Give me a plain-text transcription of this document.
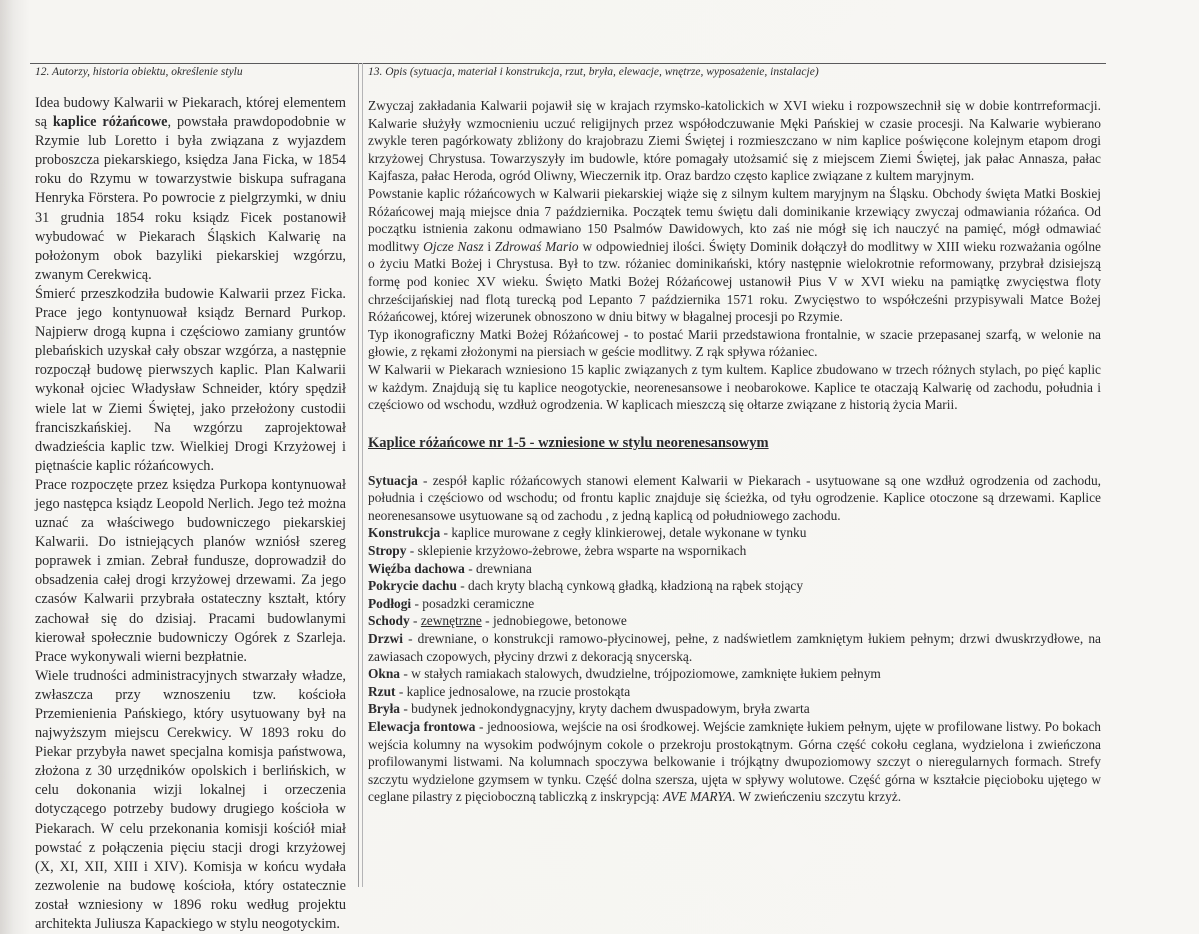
12. Autorzy, historia obiektu, określenie stylu	13. Opis (sytuacja, materiał i konstrukcja, rzut, bryła, elewacje, wnętrze, wyposażenie, instalacje)

Idea budowy Kalwarii w Piekarach, której elementem są kaplice różańcowe, powstała prawdopodobnie w Rzymie lub Loretto i była związana z wyjazdem proboszcza piekarskiego, księdza Jana Ficka, w 1854 roku do Rzymu w towarzystwie biskupa sufragana Henryka Förstera. Po powrocie z pielgrzymki, w dniu 31 grudnia 1854 roku ksiądz Ficek postanowił wybudować w Piekarach Śląskich Kalwarię na położonym obok bazyliki piekarskiej wzgórzu, zwanym Cerekwicą.

Śmierć przeszkodziła budowie Kalwarii przez Ficka. Prace jego kontynuował ksiądz Bernard Purkop. Najpierw drogą kupna i częściowo zamiany gruntów plebańskich uzyskał cały obszar wzgórza, a następnie rozpoczął budowę pierwszych kaplic. Plan Kalwarii wykonał ojciec Władysław Schneider, który spędził wiele lat w Ziemi Świętej, jako przełożony custodii franciszkańskiej. Na wzgórzu zaprojektował dwadzieścia kaplic tzw. Wielkiej Drogi Krzyżowej i piętnaście kaplic różańcowych.

Prace rozpoczęte przez księdza Purkopa kontynuował jego następca ksiądz Leopold Nerlich. Jego też można uznać za właściwego budowniczego piekarskiej Kalwarii. Do istniejących planów wzniósł szereg poprawek i zmian. Zebrał fundusze, doprowadził do obsadzenia całej drogi krzyżowej drzewami. Za jego czasów Kalwarii przybrała ostateczny kształt, który zachował się do dzisiaj. Pracami budowlanymi kierował społecznie budowniczy Ogórek z Szarleja. Prace wykonywali wierni bezpłatnie.

Wiele trudności administracyjnych stwarzały władze, zwłaszcza przy wznoszeniu tzw. kościoła Przemienienia Pańskiego, który usytuowany był na najwyższym miejscu Cerekwicy. W 1893 roku do Piekar przybyła nawet specjalna komisja państwowa, złożona z 30 urzędników opolskich i berlińskich, w celu dokonania wizji lokalnej i orzeczenia dotyczącego potrzeby budowy drugiego kościoła w Piekarach. W celu przekonania komisji kościół miał powstać z połączenia pięciu stacji drogi krzyżowej (X, XI, XII, XIII i XIV). Komisja w końcu wydała zezwolenie na budowę kościoła, który ostatecznie został wzniesiony w 1896 roku według projektu architekta Juliusza Kapackiego w stylu neogotyckim.

Zwyczaj zakładania Kalwarii pojawił się w krajach rzymsko-katolickich w XVI wieku i rozpowszechnił się w dobie kontrreformacji. Kalwarie służyły wzmocnieniu uczuć religijnych przez współodczuwanie Męki Pańskiej w czasie procesji. Na Kalwarie wybierano zwykle teren pagórkowaty zbliżony do krajobrazu Ziemi Świętej i rozmieszczano w nim kaplice poświęcone kolejnym etapom drogi krzyżowej Chrystusa. Towarzyszyły im budowle, które pomagały utożsamić się z miejscem Ziemi Świętej, jak pałac Annasza, pałac Kajfasza, pałac Heroda, ogród Oliwny, Wieczernik itp. Oraz bardzo często kaplice związane z kultem maryjnym.

Powstanie kaplic różańcowych w Kalwarii piekarskiej wiąże się z silnym kultem maryjnym na Śląsku. Obchody święta Matki Boskiej Różańcowej mają miejsce dnia 7 października. Początek temu świętu dali dominikanie krzewiący zwyczaj odmawiania różańca. Od początku istnienia zakonu odmawiano 150 Psalmów Dawidowych, kto zaś nie mógł się ich nauczyć na pamięć, mógł odmawiać modlitwy Ojcze Nasz i Zdrowaś Mario w odpowiedniej ilości. Święty Dominik dołączył do modlitwy w XIII wieku rozważania ogólne o życiu Matki Bożej i Chrystusa. Był to tzw. różaniec dominikański, który następnie wielokrotnie reformowany, przybrał dzisiejszą formę pod koniec XV wieku. Święto Matki Bożej Różańcowej ustanowił Pius V w XVI wieku na pamiątkę zwycięstwa floty chrześcijańskiej nad flotą turecką pod Lepanto 7 października 1571 roku. Zwycięstwo to współcześni przypisywali Matce Bożej Różańcowej, której wizerunek obnoszono w dniu bitwy w błagalnej procesji po Rzymie.

Typ ikonograficzny Matki Bożej Różańcowej - to postać Marii przedstawiona frontalnie, w szacie przepasanej szarfą, w welonie na głowie, z rękami złożonymi na piersiach w geście modlitwy. Z rąk spływa różaniec.

W Kalwarii w Piekarach wzniesiono 15 kaplic związanych z tym kultem. Kaplice zbudowano w trzech różnych stylach, po pięć kaplic w każdym. Znajdują się tu kaplice neogotyckie, neorenesansowe i neobarokowe. Kaplice te otaczają Kalwarię od zachodu, południa i częściowo od wschodu, wzdłuż ogrodzenia. W kaplicach mieszczą się ołtarze związane z historią życia Marii.

Kaplice różańcowe nr 1-5 - wzniesione w stylu neorenesansowym

Sytuacja - zespół kaplic różańcowych stanowi element Kalwarii w Piekarach - usytuowane są one wzdłuż ogrodzenia od zachodu, południa i częściowo od wschodu; od frontu kaplic znajduje się ścieżka, od tyłu ogrodzenie. Kaplice otoczone są drzewami. Kaplice neorenesansowe usytuowane są od zachodu , z jedną kaplicą od południowego zachodu.

Konstrukcja - kaplice murowane z cegły klinkierowej, detale wykonane w tynku

Stropy - sklepienie krzyżowo-żebrowe, żebra wsparte na wspornikach

Więźba dachowa - drewniana

Pokrycie dachu - dach kryty blachą cynkową gładką, kładzioną na rąbek stojący

Podłogi - posadzki ceramiczne

Schody - zewnętrzne - jednobiegowe, betonowe

Drzwi - drewniane, o konstrukcji ramowo-płycinowej, pełne, z nadświetlem zamkniętym łukiem pełnym; drzwi dwuskrzydłowe, na zawiasach czopowych, płyciny drzwi z dekoracją snycerską.

Okna - w stałych ramiakach stalowych, dwudzielne, trójpoziomowe, zamknięte łukiem pełnym

Rzut - kaplice jednosalowe, na rzucie prostokąta

Bryła - budynek jednokondygnacyjny, kryty dachem dwuspadowym, bryła zwarta

Elewacja frontowa - jednoosiowa, wejście na osi środkowej. Wejście zamknięte łukiem pełnym, ujęte w profilowane listwy. Po bokach wejścia kolumny na wysokim podwójnym cokole o przekroju prostokątnym. Górna część cokołu ceglana, wydzielona i zwieńczona profilowanymi listwami. Na kolumnach spoczywa belkowanie i trójkątny dwupoziomowy szczyt o nieregularnych formach. Strefy szczytu wydzielone gzymsem w tynku. Część dolna szersza, ujęta w spływy wolutowe. Część górna w kształcie pięcioboku ujętego w ceglane pilastry z pięcioboczną tabliczką z inskrypcją: AVE MARYA. W zwieńczeniu szczytu krzyż.
